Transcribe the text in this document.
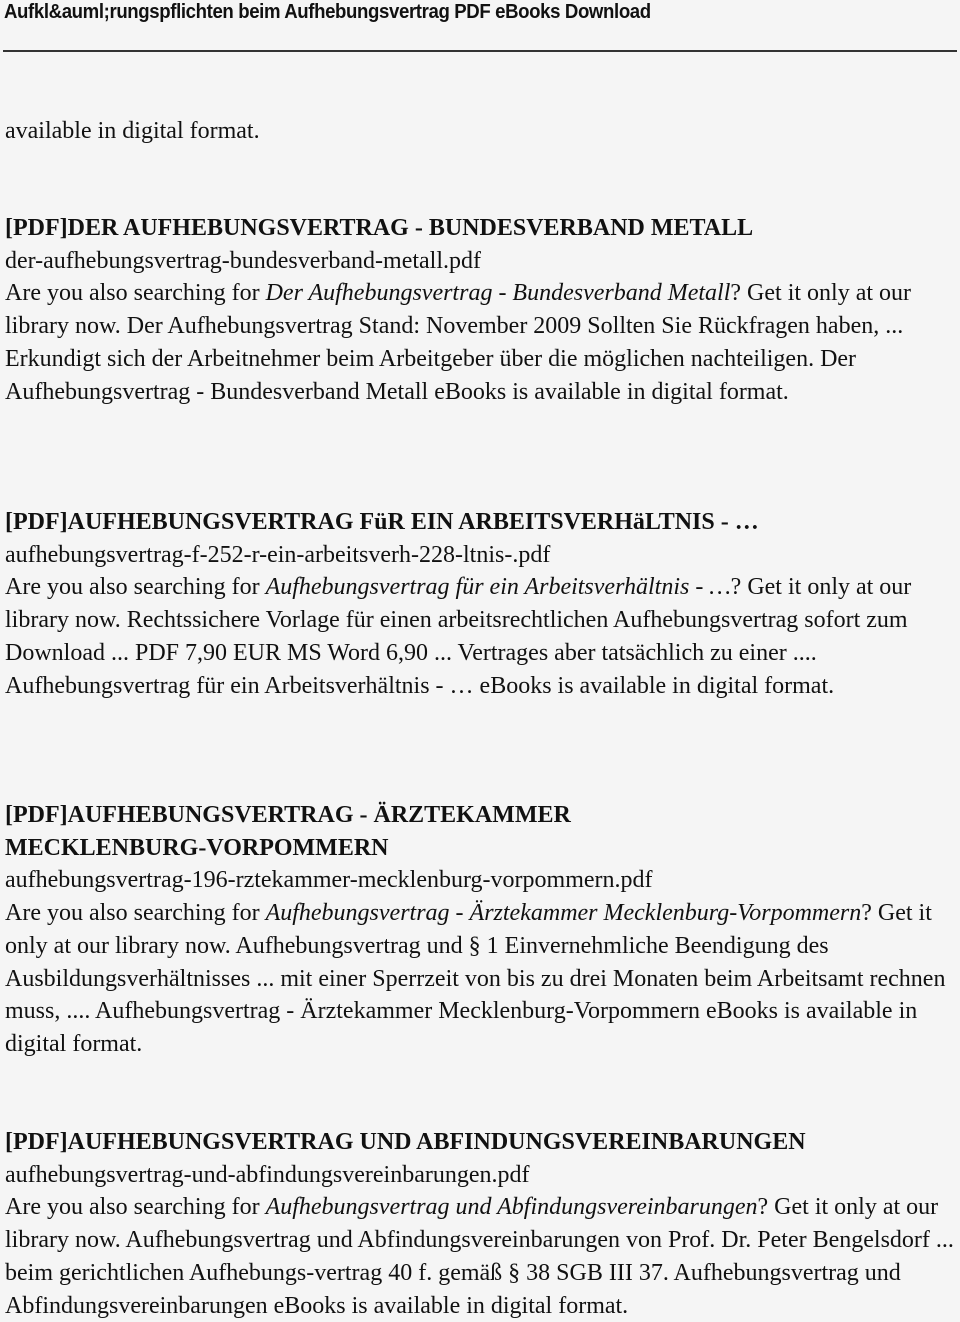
Aufkl&auml;rungspflichten beim Aufhebungsvertrag PDF eBooks Download
available in digital format.

[PDF]DER AUFHEBUNGSVERTRAG - BUNDESVERBAND METALL

der-aufhebungsvertrag-bundesverband-metall.pdf

Are you also searching for Der Aufhebungsvertrag - Bundesverband Metall? Get it only at our library now. Der Aufhebungsvertrag Stand: November 2009 Sollten Sie Rückfragen haben, ... Erkundigt sich der Arbeitnehmer beim Arbeitgeber über die möglichen nachteiligen. Der Aufhebungsvertrag - Bundesverband Metall eBooks is available in digital format.

[PDF]AUFHEBUNGSVERTRAG FüR EIN ARBEITSVERHäLTNIS - …

aufhebungsvertrag-f-252-r-ein-arbeitsverh-228-ltnis-.pdf

Are you also searching for Aufhebungsvertrag für ein Arbeitsverhältnis - …? Get it only at our library now. Rechtssichere Vorlage für einen arbeitsrechtlichen Aufhebungsvertrag sofort zum Download ... PDF 7,90 EUR MS Word 6,90 ... Vertrages aber tatsächlich zu einer .... Aufhebungsvertrag für ein Arbeitsverhältnis - … eBooks is available in digital format.

[PDF]AUFHEBUNGSVERTRAG - ÄRZTEKAMMER MECKLENBURG-VORPOMMERN

aufhebungsvertrag-196-rztekammer-mecklenburg-vorpommern.pdf

Are you also searching for Aufhebungsvertrag - Ärztekammer Mecklenburg-Vorpommern? Get it only at our library now. Aufhebungsvertrag und § 1 Einvernehmliche Beendigung des Ausbildungsverhältnisses ... mit einer Sperrzeit von bis zu drei Monaten beim Arbeitsamt rechnen muss, .... Aufhebungsvertrag - Ärztekammer Mecklenburg-Vorpommern eBooks is available in digital format.

[PDF]AUFHEBUNGSVERTRAG UND ABFINDUNGSVEREINBARUNGEN

aufhebungsvertrag-und-abfindungsvereinbarungen.pdf

Are you also searching for Aufhebungsvertrag und Abfindungsvereinbarungen? Get it only at our library now. Aufhebungsvertrag und Abfindungsvereinbarungen von Prof. Dr. Peter Bengelsdorf ... beim gerichtlichen Aufhebungs-vertrag 40 f. gemäß § 38 SGB III 37. Aufhebungsvertrag und Abfindungsvereinbarungen eBooks is available in digital format.
